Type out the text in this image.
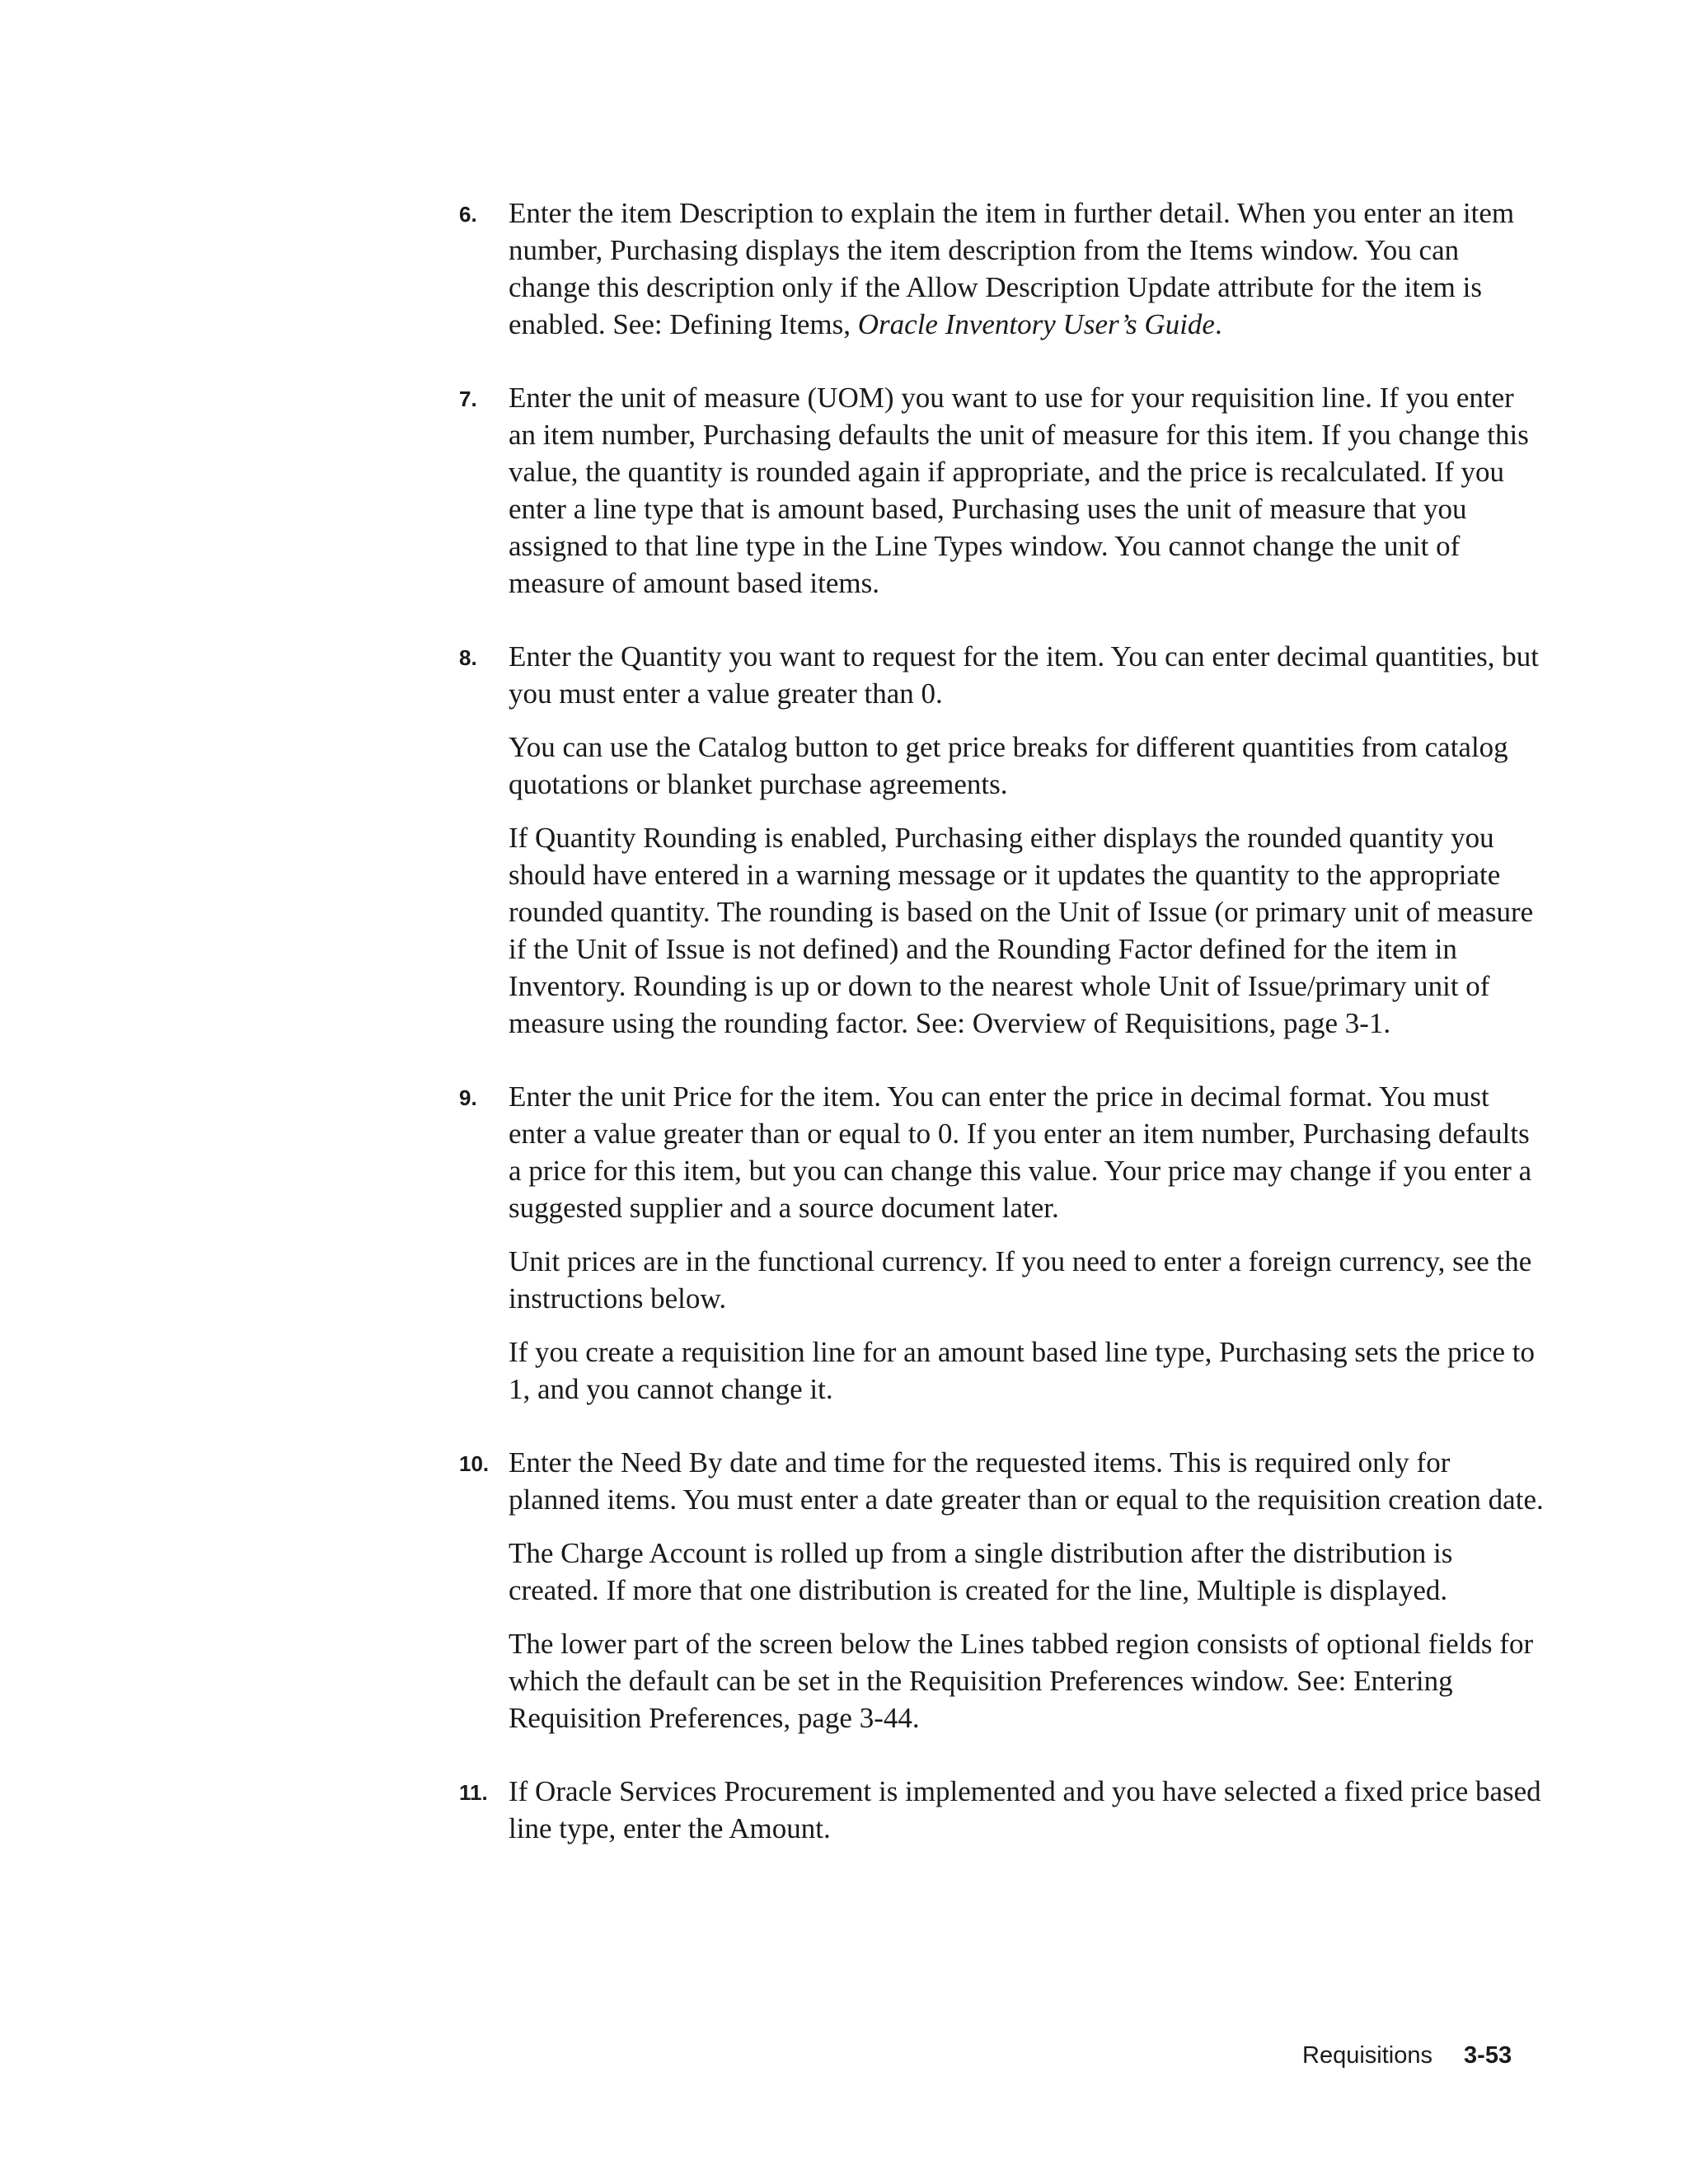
6.	Enter the item Description to explain the item in further detail. When you enter an item number, Purchasing displays the item description from the Items window. You can change this description only if the Allow Description Update attribute for the item is enabled. See: Defining Items, Oracle Inventory User’s Guide.

7.	Enter the unit of measure (UOM) you want to use for your requisition line. If you enter an item number, Purchasing defaults the unit of measure for this item. If you change this value, the quantity is rounded again if appropriate, and the price is recalculated. If you enter a line type that is amount based, Purchasing uses the unit of measure that you assigned to that line type in the Line Types window. You cannot change the unit of measure of amount based items.

8.	Enter the Quantity you want to request for the item. You can enter decimal quantities, but you must enter a value greater than 0.

You can use the Catalog button to get price breaks for different quantities from catalog quotations or blanket purchase agreements.

If Quantity Rounding is enabled, Purchasing either displays the rounded quantity you should have entered in a warning message or it updates the quantity to the appropriate rounded quantity. The rounding is based on the Unit of Issue (or primary unit of measure if the Unit of Issue is not defined) and the Rounding Factor defined for the item in Inventory. Rounding is up or down to the nearest whole Unit of Issue/primary unit of measure using the rounding factor. See: Overview of Requisitions, page 3-1.

9.	Enter the unit Price for the item. You can enter the price in decimal format. You must enter a value greater than or equal to 0. If you enter an item number, Purchasing defaults a price for this item, but you can change this value. Your price may change if you enter a suggested supplier and a source document later.

Unit prices are in the functional currency. If you need to enter a foreign currency, see the instructions below.

If you create a requisition line for an amount based line type, Purchasing sets the price to 1, and you cannot change it.

10. Enter the Need By date and time for the requested items. This is required only for planned items. You must enter a date greater than or equal to the requisition creation date.

The Charge Account is rolled up from a single distribution after the distribution is created. If more that one distribution is created for the line, Multiple is displayed.

The lower part of the screen below the Lines tabbed region consists of optional fields for which the default can be set in the Requisition Preferences window. See: Entering Requisition Preferences, page 3-44.

11. If Oracle Services Procurement is implemented and you have selected a fixed price based line type, enter the Amount.

Requisitions 3-53
